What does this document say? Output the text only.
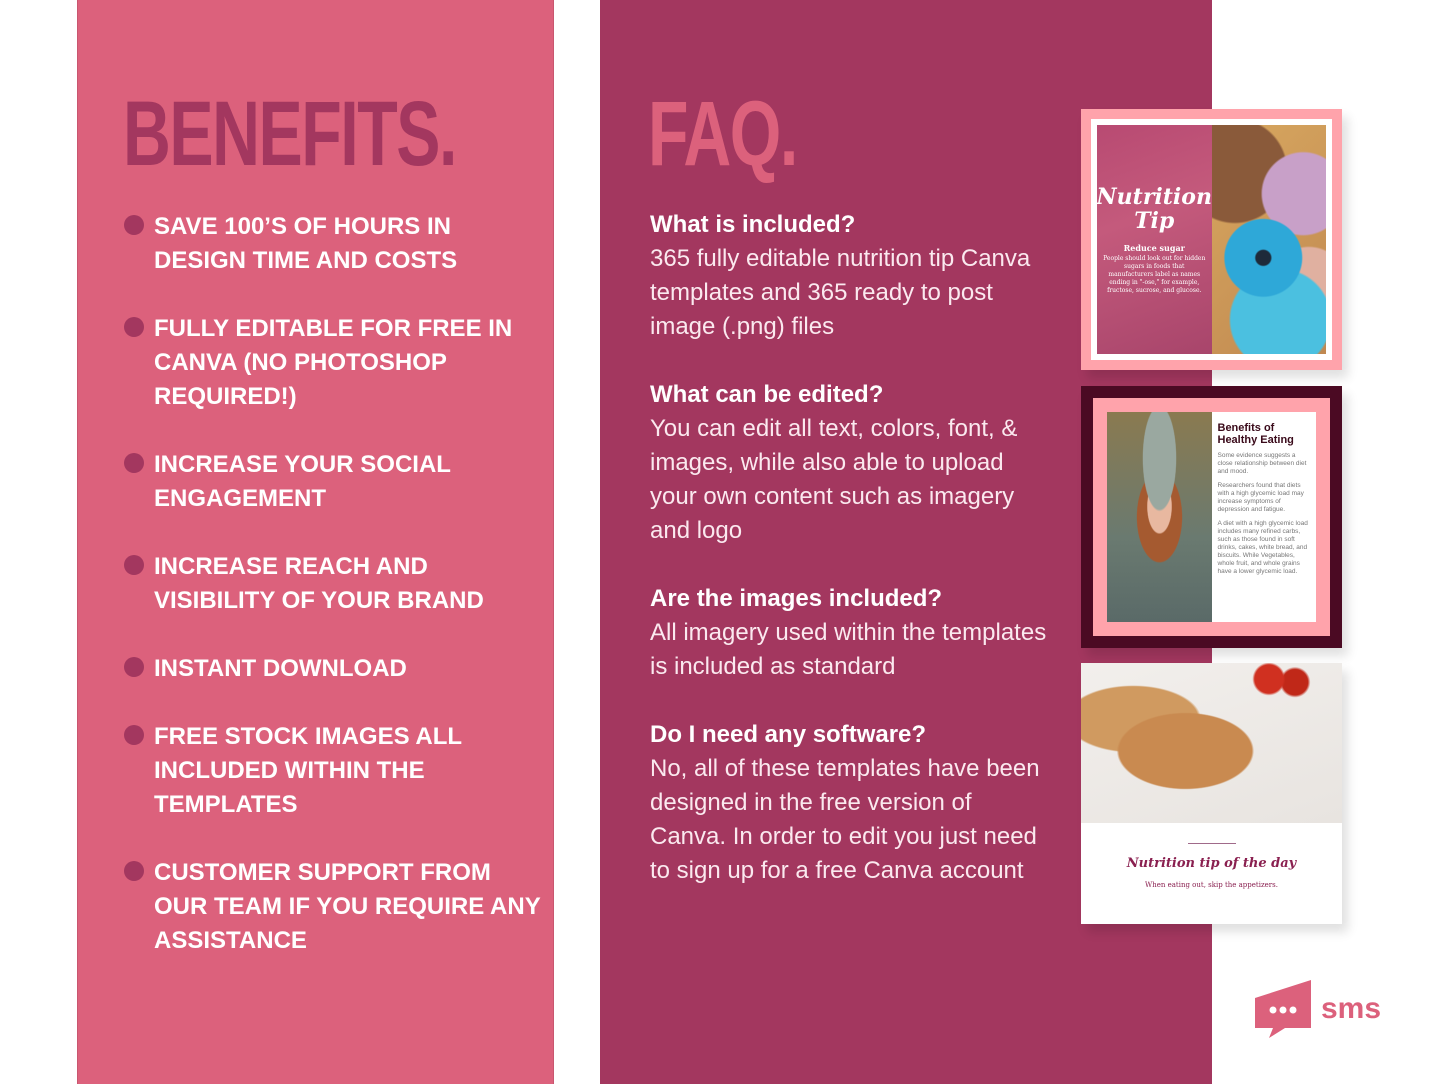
BENEFITS.
SAVE 100’S OF HOURS IN DESIGN TIME AND COSTS
FULLY EDITABLE FOR FREE IN CANVA (NO PHOTOSHOP REQUIRED!)
INCREASE YOUR SOCIAL ENGAGEMENT
INCREASE REACH AND VISIBILITY OF YOUR BRAND
INSTANT DOWNLOAD
FREE STOCK IMAGES ALL INCLUDED WITHIN THE TEMPLATES
CUSTOMER SUPPORT FROM OUR TEAM IF YOU REQUIRE ANY ASSISTANCE
FAQ.
What is included?
365 fully editable nutrition tip Canva templates and 365 ready to post image (.png) files
What can be edited?
You can edit all text, colors, font, & images, while also able to upload your own content such as imagery and logo
Are the images included?
All imagery used within the templates is included as standard
Do I need any software?
No, all of these templates have been designed in the free version of Canva. In order to edit you just need to sign up for a free Canva account
Nutrition
Tip
Reduce sugar
People should look out for hidden sugars in foods that manufacturers label as names ending in "-ose," for example, fructose, sucrose, and glucose.
Benefits of Healthy Eating
Some evidence suggests a close relationship between diet and mood.
Researchers found that diets with a high glycemic load may increase symptoms of depression and fatigue.
A diet with a high glycemic load includes many refined carbs, such as those found in soft drinks, cakes, white bread, and biscuits. While Vegetables, whole fruit, and whole grains have a lower glycemic load.
Nutrition tip of the day
When eating out, skip the appetizers.
sms
